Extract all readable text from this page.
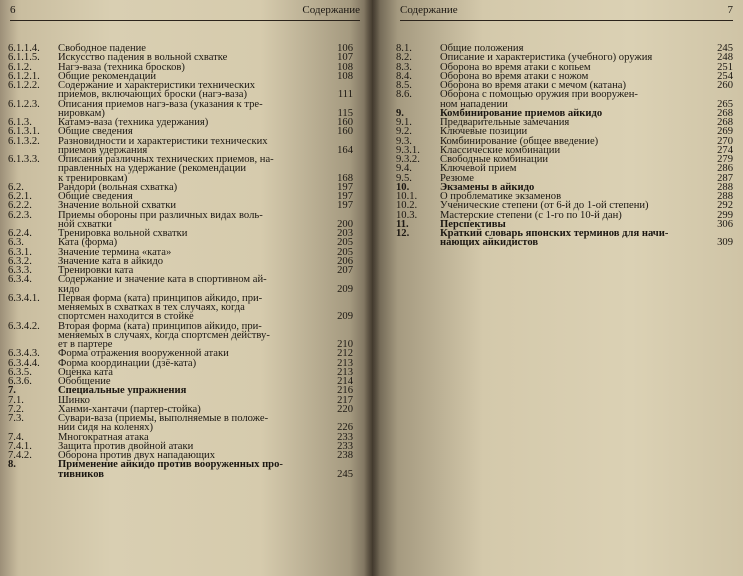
6	Содержание
6.1.1.4. Свободное падение	106
6.1.1.5. Искусство падения в вольной схватке	107
6.1.2. Нагэ-ваза (техника бросков)	108
6.1.2.1. Общие рекомендации	108
6.1.2.2. Содержание и характеристики технических
приемов, включающих броски (нагэ-ваза)	111
6.1.2.3. Описания приемов нагэ-ваза (указания к тре-
нировкам)	115
6.1.3. Катамэ-ваза (техника удержания)	160
6.1.3.1. Общие сведения	160
6.1.3.2. Разновидности и характеристики технических
приемов удержания	164
6.1.3.3. Описания различных технических приемов, на-
правленных на удержание (рекомендации
к тренировкам)	168
6.2.	Рандори (вольная схватка)	197
6.2.1. Общие сведения	197
6.2.2. Значение вольной схватки	197
6.2.3. Приемы обороны при различных видах воль-
ной схватки	200
6.2.4. Тренировка вольной схватки	203
6.3.	Ката (форма)	205
6.3.1. Значение термина «ката»	205
6.3.2. Значение ката в айкидо	206
6.3.3. Тренировки ката	207
6.3.4. Содержание и значение ката в спортивном ай-
кидо	209
6.3.4.1. Первая форма (ката) принципов айкидо, при-
меняемых в схватках в тех случаях, когда
спортсмен находится в стойке	209
6.3.4.2. Вторая форма (ката) принципов айкидо, при-
меняемых в случаях, когда спортсмен действу-
ет в партере	210
6.3.4.3. Форма отражения вооруженной атаки	212
6.3.4.4. Форма координации (дзё-ката)	213
6.3.5. Оценка ката	213
6.3.6. Обобщение	214
7.	Специальные упражнения	216
7.1.	Шинко	217
7.2.	Ханми-хантачи (партер-стойка)	220
7.3.	Сувари-ваза (приемы, выполняемые в положе-
нии сидя на коленях)	226
7.4.	Многократная атака	233
7.4.1. Защита против двойной атаки	233
7.4.2. Оборона против двух нападающих	238
8.	Применение айкидо против вооруженных про-
тивников	245
Содержание	7
8.1.	Общие положения	245
8.2.	Описание и характеристика (учебного) оружия	248
8.3.	Оборона во время атаки с копьем	251
8.4.	Оборона во время атаки с ножом	254
8.5.	Оборона во время атаки с мечом (катана)	260
8.6.	Оборона с помощью оружия при вооружен-
ном нападении	265
9.	Комбинирование приемов айкидо	268
9.1.	Предварительные замечания	268
9.2.	Ключевые позиции	269
9.3.	Комбинирование (общее введение)	270
9.3.1. Классические комбинации	274
9.3.2. Свободные комбинации	279
9.4.	Ключевой прием	286
9.5.	Резюме	287
10.	Экзамены в айкидо	288
10.1. О проблематике экзаменов	288
10.2. Ученические степени (от 6-й до 1-ой степени)	292
10.3. Мастерские степени (с 1-го по 10-й дан)	299
11.	Перспективы	306
12.	Краткий словарь японских терминов для начи-
нающих айкидистов	309
